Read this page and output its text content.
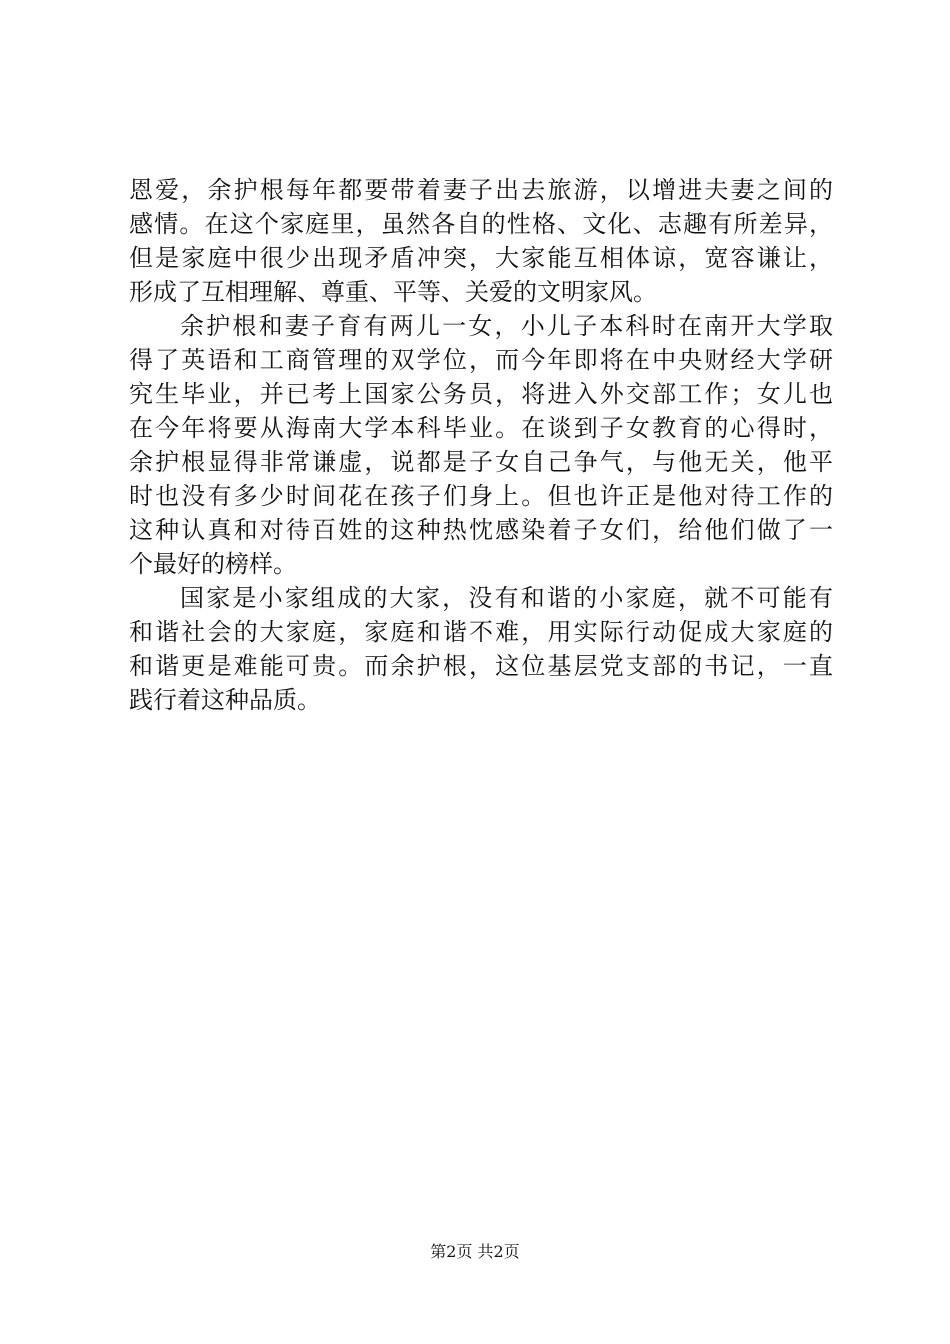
恩爱，余护根每年都要带着妻子出去旅游，以增进夫妻之间的
感情。在这个家庭里，虽然各自的性格、文化、志趣有所差异，
但是家庭中很少出现矛盾冲突，大家能互相体谅，宽容谦让，
形成了互相理解、尊重、平等、关爱的文明家风。
余护根和妻子育有两儿一女，小儿子本科时在南开大学取
得了英语和工商管理的双学位，而今年即将在中央财经大学研
究生毕业，并已考上国家公务员，将进入外交部工作；女儿也
在今年将要从海南大学本科毕业。在谈到子女教育的心得时，
余护根显得非常谦虚，说都是子女自己争气，与他无关，他平
时也没有多少时间花在孩子们身上。但也许正是他对待工作的
这种认真和对待百姓的这种热忱感染着子女们，给他们做了一
个最好的榜样。
国家是小家组成的大家，没有和谐的小家庭，就不可能有
和谐社会的大家庭，家庭和谐不难，用实际行动促成大家庭的
和谐更是难能可贵。而余护根，这位基层党支部的书记，一直
践行着这种品质。
第2页 共2页
